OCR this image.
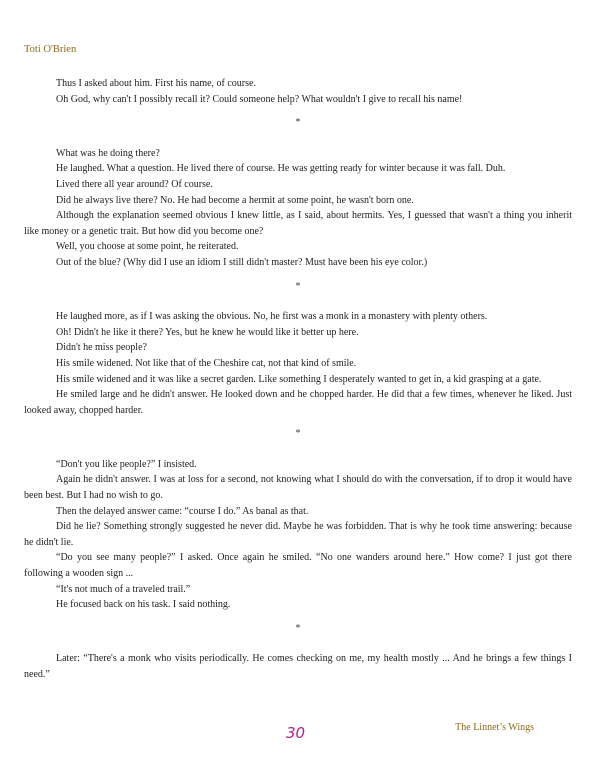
Toti O'Brien

Thus I asked about him. First his name, of course.

Oh God, why can't I possibly recall it? Could someone help? What wouldn't I give to recall his name!

*

What was he doing there?

He laughed. What a question. He lived there of course. He was getting ready for winter because it was fall. Duh.

Lived there all year around? Of course.

Did he always live there? No. He had become a hermit at some point, he wasn't born one.

Although the explanation seemed obvious I knew little, as I said, about hermits. Yes, I guessed that wasn't a thing you inherit like money or a genetic trait. But how did you become one?

Well, you choose at some point, he reiterated.

Out of the blue? (Why did I use an idiom I still didn't master? Must have been his eye color.)

*

He laughed more, as if I was asking the obvious. No, he first was a monk in a monastery with plenty others.

Oh! Didn't he like it there? Yes, but he knew he would like it better up here.

Didn't he miss people?

His smile widened. Not like that of the Cheshire cat, not that kind of smile.

His smile widened and it was like a secret garden. Like something I desperately wanted to get in, a kid grasping at a gate.

He smiled large and he didn't answer. He looked down and he chopped harder. He did that a few times, whenever he liked. Just looked away, chopped harder.

*

“Don't you like people?” I insisted.

Again he didn't answer. I was at loss for a second, not knowing what I should do with the conversation, if to drop it would have been best. But I had no wish to go.

Then the delayed answer came: “course I do.” As banal as that.

Did he lie? Something strongly suggested he never did. Maybe he was forbidden. That is why he took time answering: because he didn't lie.

“Do you see many people?” I asked. Once again he smiled. “No one wanders around here.” How come? I just got there following a wooden sign ...

“It's not much of a traveled trail.”

He focused back on his task. I said nothing.

*

Later: “There's a monk who visits periodically. He comes checking on me, my health mostly ... And he brings a few things I need.”

30	The Linnet’s Wings
